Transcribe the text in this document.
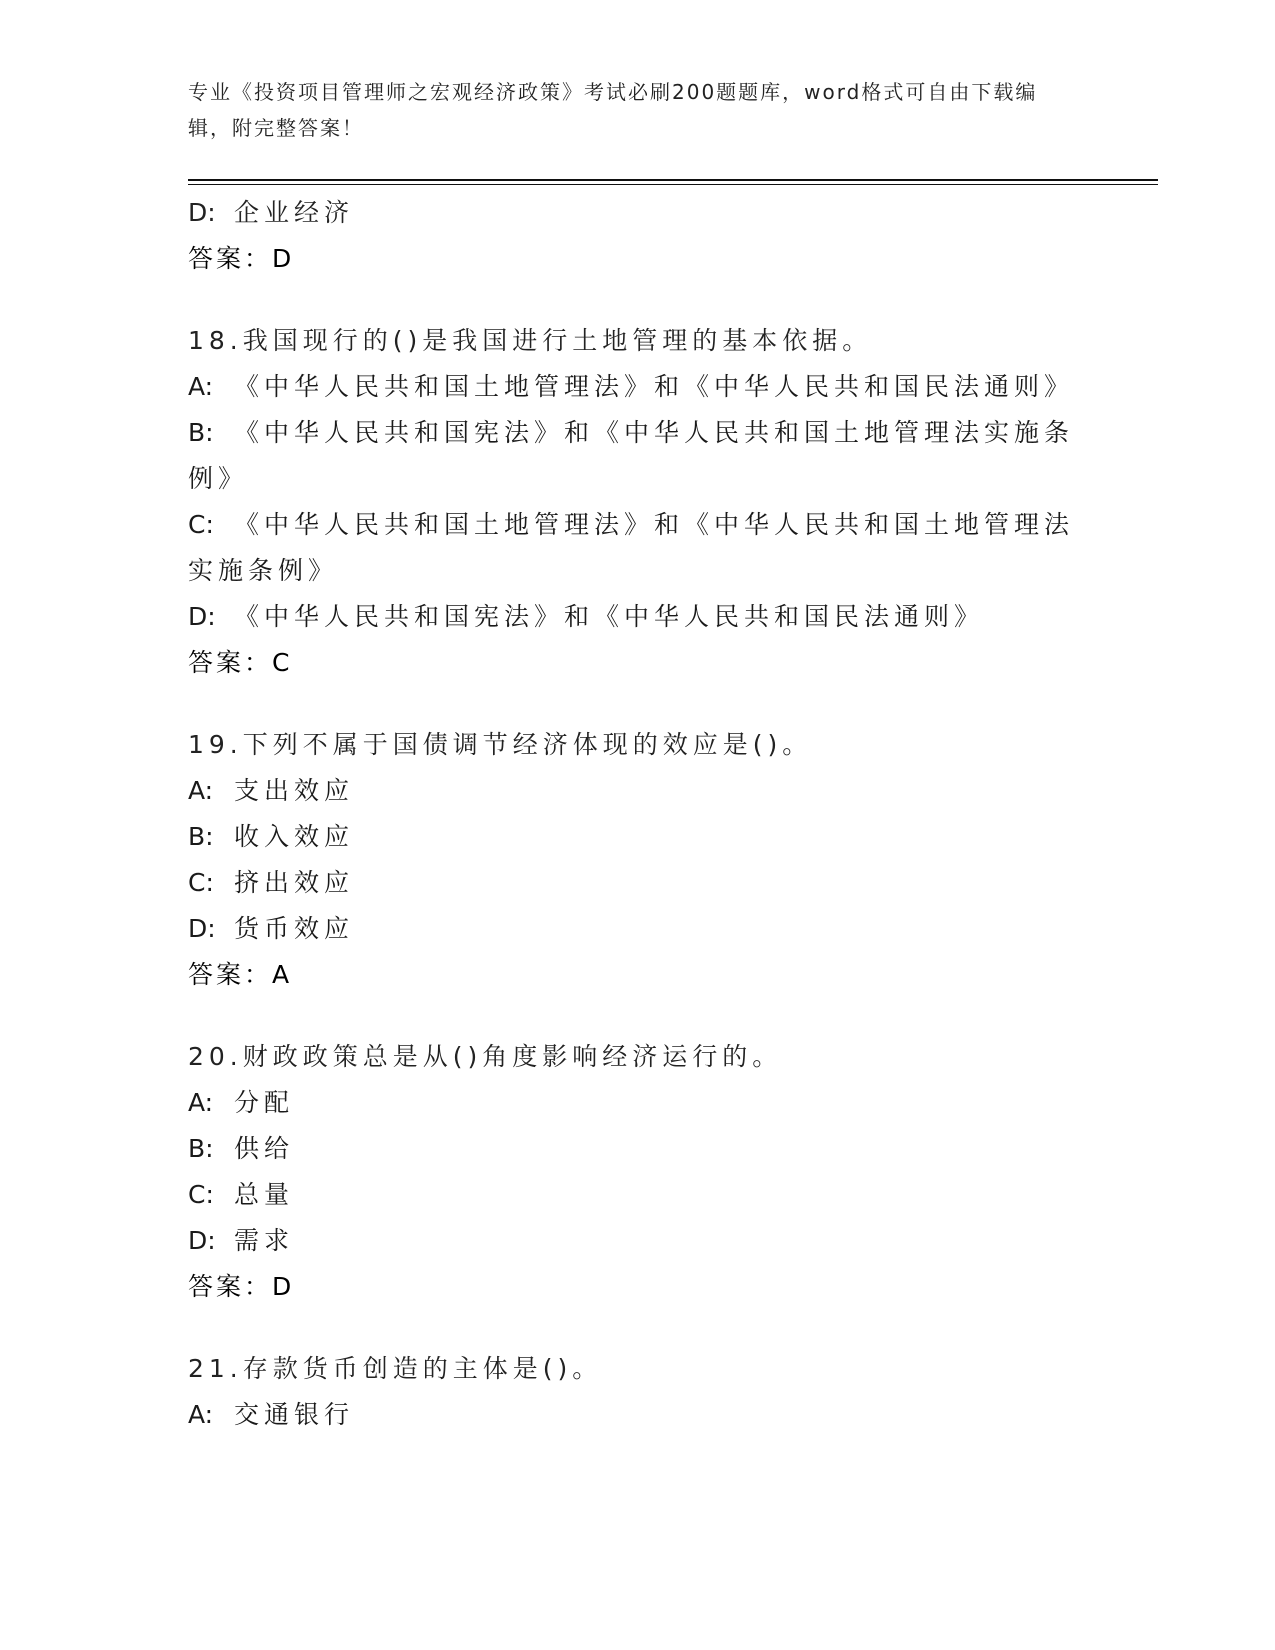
专业《投资项目管理师之宏观经济政策》考试必刷200题题库，word格式可自由下载编辑，附完整答案！
D: 企业经济
答案：D
18.我国现行的()是我国进行土地管理的基本依据。
A: 《中华人民共和国土地管理法》和《中华人民共和国民法通则》
B: 《中华人民共和国宪法》和《中华人民共和国土地管理法实施条例》
C: 《中华人民共和国土地管理法》和《中华人民共和国土地管理法实施条例》
D: 《中华人民共和国宪法》和《中华人民共和国民法通则》
答案：C
19.下列不属于国债调节经济体现的效应是()。
A: 支出效应
B: 收入效应
C: 挤出效应
D: 货币效应
答案：A
20.财政政策总是从()角度影响经济运行的。
A: 分配
B: 供给
C: 总量
D: 需求
答案：D
21.存款货币创造的主体是()。
A: 交通银行
